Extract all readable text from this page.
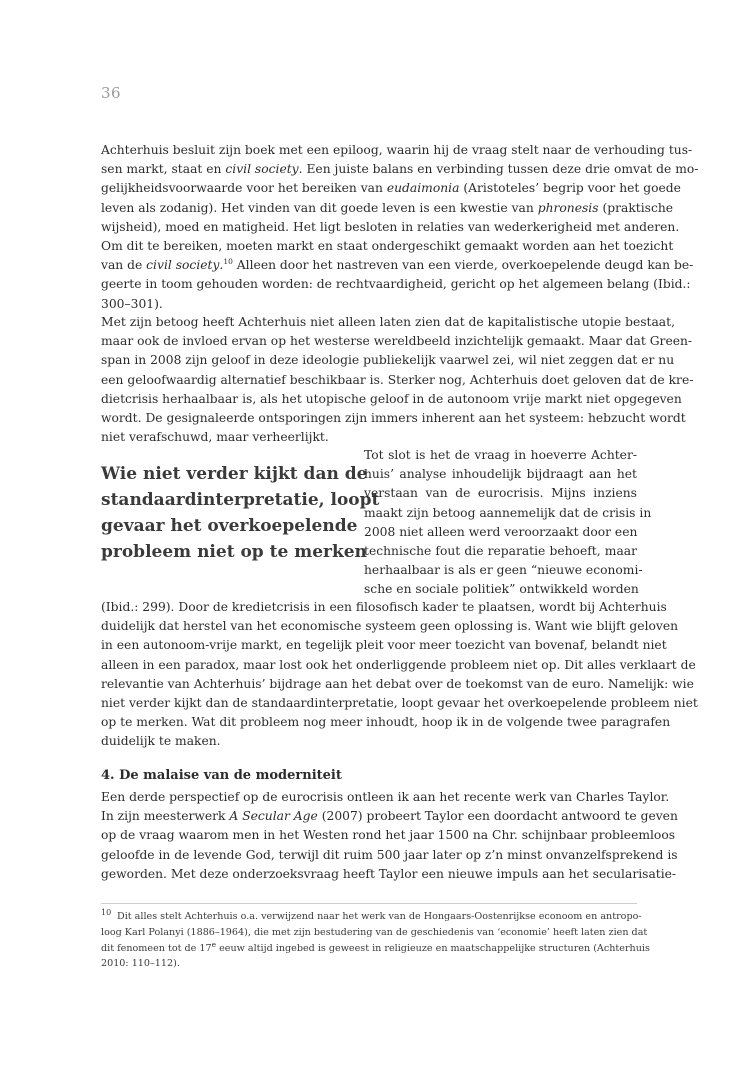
36
Achterhuis besluit zijn boek met een epiloog, waarin hij de vraag stelt naar de verhouding tus-
sen markt, staat en civil society. Een juiste balans en verbinding tussen deze drie omvat de mo-
gelijkheidsvoorwaarde voor het bereiken van eudaimonia (Aristoteles’ begrip voor het goede
leven als zodanig). Het vinden van dit goede leven is een kwestie van phronesis (praktische
wijsheid), moed en matigheid. Het ligt besloten in relaties van wederkerigheid met anderen.
Om dit te bereiken, moeten markt en staat ondergeschikt gemaakt worden aan het toezicht
van de civil society.$^{10}$ Alleen door het nastreven van een vierde, overkoepelende deugd kan be-
geerte in toom gehouden worden: de rechtvaardigheid, gericht op het algemeen belang (Ibid.:
300–301).
Met zijn betoog heeft Achterhuis niet alleen laten zien dat de kapitalistische utopie bestaat,
maar ook de invloed ervan op het westerse wereldbeeld inzichtelijk gemaakt. Maar dat Green-
span in 2008 zijn geloof in deze ideologie publiekelijk vaarwel zei, wil niet zeggen dat er nu
een geloofwaardig alternatief beschikbaar is. Sterker nog, Achterhuis doet geloven dat de kre-
dietcrisis herhaalbaar is, als het utopische geloof in de autonoom vrije markt niet opgegeven
wordt. De gesignaleerde ontsporingen zijn immers inherent aan het systeem: hebzucht wordt
niet verafschuwd, maar verheerlijkt.
Wie niet verder kijkt dan de
standaardinterpretatie, loopt
gevaar het overkoepelende
probleem niet op te merken
Tot slot is het de vraag in hoeverre Achter-
huis’ analyse inhoudelijk bijdraagt aan het
verstaan van de eurocrisis. Mijns inziens
maakt zijn betoog aannemelijk dat de crisis in
2008 niet alleen werd veroorzaakt door een
technische fout die reparatie behoeft, maar
herhaalbaar is als er geen “nieuwe economi-
sche en sociale politiek” ontwikkeld worden
(Ibid.: 299). Door de kredietcrisis in een filosofisch kader te plaatsen, wordt bij Achterhuis
duidelijk dat herstel van het economische systeem geen oplossing is. Want wie blijft geloven
in een autonoom-vrije markt, en tegelijk pleit voor meer toezicht van bovenaf, belandt niet
alleen in een paradox, maar lost ook het onderliggende probleem niet op. Dit alles verklaart de
relevantie van Achterhuis’ bijdrage aan het debat over de toekomst van de euro. Namelijk: wie
niet verder kijkt dan de standaardinterpretatie, loopt gevaar het overkoepelende probleem niet
op te merken. Wat dit probleem nog meer inhoudt, hoop ik in de volgende twee paragrafen
duidelijk te maken.
4. De malaise van de moderniteit
Een derde perspectief op de eurocrisis ontleen ik aan het recente werk van Charles Taylor.
In zijn meesterwerk A Secular Age (2007) probeert Taylor een doordacht antwoord te geven
op de vraag waarom men in het Westen rond het jaar 1500 na Chr. schijnbaar probleemloos
geloofde in de levende God, terwijl dit ruim 500 jaar later op z’n minst onvanzelfsprekend is
geworden. Met deze onderzoeksvraag heeft Taylor een nieuwe impuls aan het secularisatie-
10 Dit alles stelt Achterhuis o.a. verwijzend naar het werk van de Hongaars-Oostenrijkse econoom en antropo-
loog Karl Polanyi (1886–1964), die met zijn bestudering van de geschiedenis van ‘economie’ heeft laten zien dat
dit fenomeen tot de 17e eeuw altijd ingebed is geweest in religieuze en maatschappelijke structuren (Achterhuis
2010: 110–112).
